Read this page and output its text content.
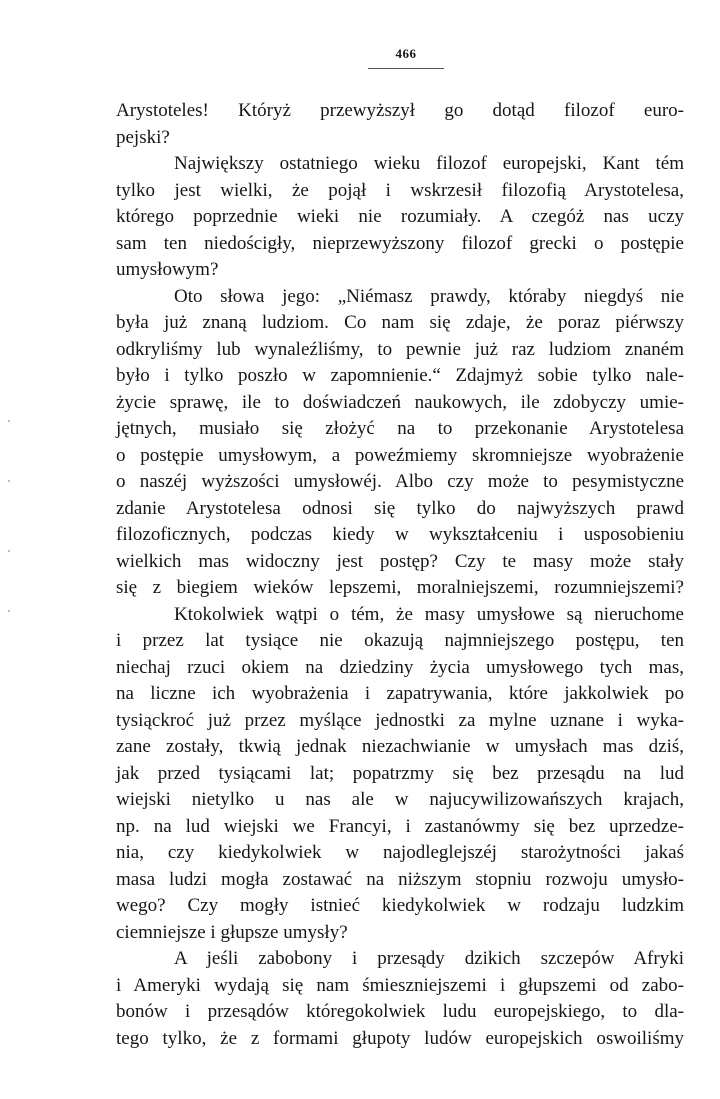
466
Arystoteles! Któryż przewyższył go dotąd filozof euro-
pejski?
Największy ostatniego wieku filozof europejski, Kant tém
tylko jest wielki, że pojął i wskrzesił filozofią Arystotelesa,
którego poprzednie wieki nie rozumiały. A czegóż nas uczy
sam ten niedościgły, nieprzewyższony filozof grecki o postępie
umysłowym?
Oto słowa jego: „Niémasz prawdy, któraby niegdyś nie
była już znaną ludziom. Co nam się zdaje, że poraz piérwszy
odkryliśmy lub wynaleźliśmy, to pewnie już raz ludziom znaném
było i tylko poszło w zapomnienie.“ Zdajmyż sobie tylko nale-
życie sprawę, ile to doświadczeń naukowych, ile zdobyczy umie-
jętnych, musiało się złożyć na to przekonanie Arystotelesa
o postępie umysłowym, a poweźmiemy skromniejsze wyobrażenie
o naszéj wyższości umysłowéj. Albo czy może to pesymistyczne
zdanie Arystotelesa odnosi się tylko do najwyższych prawd
filozoficznych, podczas kiedy w wykształceniu i usposobieniu
wielkich mas widoczny jest postęp? Czy te masy może stały
się z biegiem wieków lepszemi, moralniejszemi, rozumniejszemi?
Ktokolwiek wątpi o tém, że masy umysłowe są nieruchome
i przez lat tysiące nie okazują najmniejszego postępu, ten
niechaj rzuci okiem na dziedziny życia umysłowego tych mas,
na liczne ich wyobrażenia i zapatrywania, które jakkolwiek po
tysiąckroć już przez myślące jednostki za mylne uznane i wyka-
zane zostały, tkwią jednak niezachwianie w umysłach mas dziś,
jak przed tysiącami lat; popatrzmy się bez przesądu na lud
wiejski nietylko u nas ale w najucywilizowańszych krajach,
np. na lud wiejski we Francyi, i zastanówmy się bez uprzedze-
nia, czy kiedykolwiek w najodleglejszéj starożytności jakaś
masa ludzi mogła zostawać na niższym stopniu rozwoju umysło-
wego? Czy mogły istnieć kiedykolwiek w rodzaju ludzkim
ciemniejsze i głupsze umysły?
A jeśli zabobony i przesądy dzikich szczepów Afryki
i Ameryki wydają się nam śmieszniejszemi i głupszemi od zabo-
bonów i przesądów któregokolwiek ludu europejskiego, to dla-
tego tylko, że z formami głupoty ludów europejskich oswoiliśmy
